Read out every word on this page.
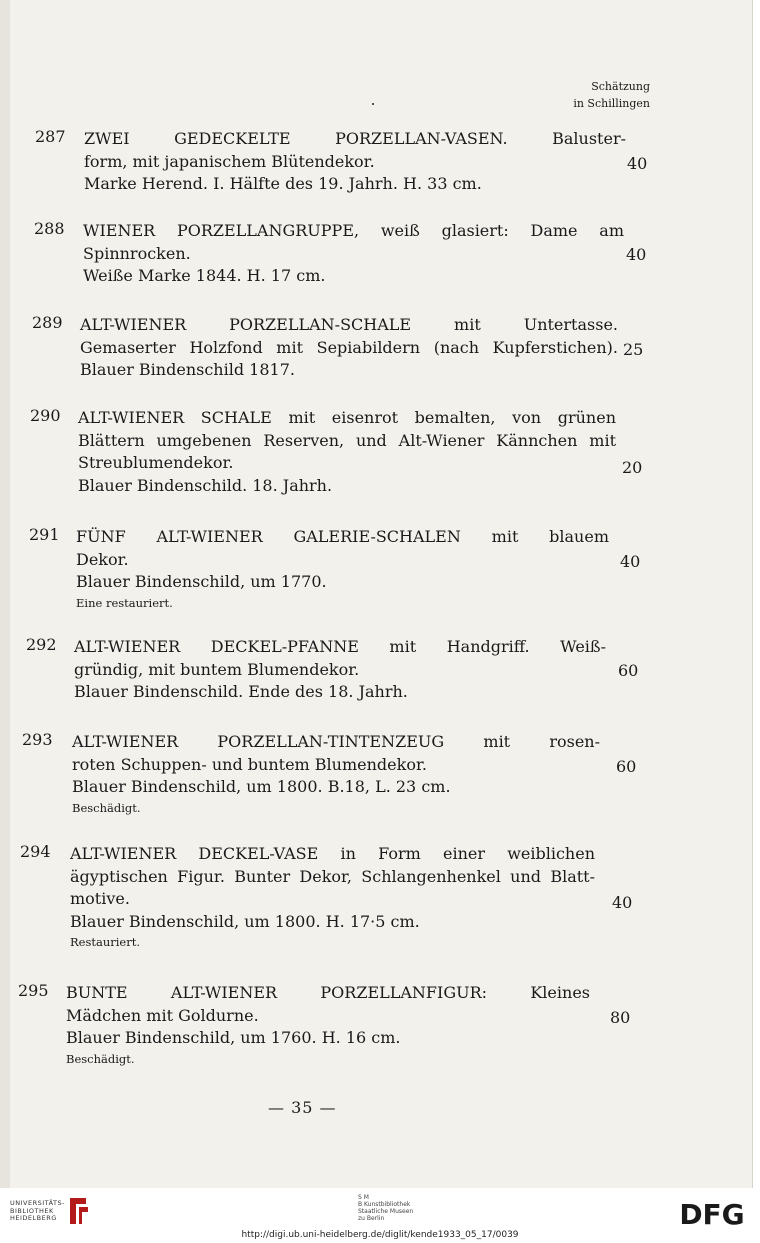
Schätzung
in Schillingen
287 ZWEI GEDECKELTE PORZELLAN-VASEN. Baluster-
form, mit japanischem Blütendekor.
Marke Herend. I. Hälfte des 19. Jahrh. H. 33 cm.
40
288 WIENER PORZELLANGRUPPE, weiß glasiert: Dame am
Spinnrocken.
Weiße Marke 1844. H. 17 cm.
40
289 ALT-WIENER PORZELLAN-SCHALE mit Untertasse.
Gemaserter Holzfond mit Sepiabildern (nach Kupferstichen).
Blauer Bindenschild 1817.
25
290 ALT-WIENER SCHALE mit eisenrot bemalten, von grünen
Blättern umgebenen Reserven, und Alt-Wiener Kännchen mit
Streublumendekor.
Blauer Bindenschild. 18. Jahrh.
20
291 FÜNF ALT-WIENER GALERIE-SCHALEN mit blauem
Dekor.
Blauer Bindenschild, um 1770.
Eine restauriert.
40
292 ALT-WIENER DECKEL-PFANNE mit Handgriff. Weiß-
gründig, mit buntem Blumendekor.
Blauer Bindenschild. Ende des 18. Jahrh.
60
293 ALT-WIENER PORZELLAN-TINTENZEUG mit rosen-
roten Schuppen- und buntem Blumendekor.
Blauer Bindenschild, um 1800. B.18, L. 23 cm.
Beschädigt.
60
294 ALT-WIENER DECKEL-VASE in Form einer weiblichen
ägyptischen Figur. Bunter Dekor, Schlangenhenkel und Blatt-
motive.
Blauer Bindenschild, um 1800. H. 17·5 cm.
Restauriert.
40
295 BUNTE ALT-WIENER PORZELLANFIGUR: Kleines
Mädchen mit Goldurne.
Blauer Bindenschild, um 1760. H. 16 cm.
Beschädigt.
80
— 35 —
UNIVERSITÄTS-
BIBLIOTHEK
HEIDELBERG
S M
B Kunstbibliothek
Staatliche Museen
zu Berlin	DFG
http://digi.ub.uni-heidelberg.de/diglit/kende1933_05_17/0039
